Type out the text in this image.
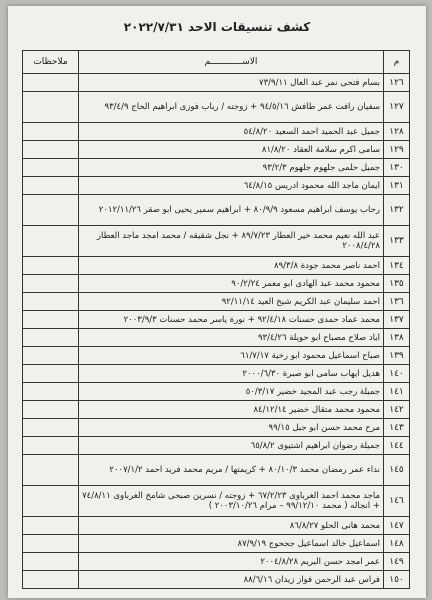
كشف تنسيقات الاحد ٢٠٢٢/٧/٣١
م	الاســــــــــــم	ملاحظات
١٢٦	بسام فتحى نمر عبد العال ٧٣/٩/١١	
١٢٧	سفيان رافت عمر طافش ٩٤/٥/١٦ + زوجته / رباب فوزى ابراهيم الحاج ٩٣/٤/٩	
١٢٨	جميل عبد الحميد احمد السعيد ٥٤/٨/٢٠	
١٢٩	سامى اكرم سلامة العقاد ٨١/٨/٢٠	
١٣٠	جميل حلمى جلهوم جلهوم ٩٣/٢/٣	
١٣١	ايمان ماجد الله محمود ادريس ٦٤/٨/١٥	
١٣٢	رحاب يوسف ابراهيم مسعود ٨٠/٩/٩ + ابراهيم سمير يحيى ابو صقر ٢٠١٢/١١/٢٦	
١٣٣	عبد الله نعيم محمد خير العطار ٨٩/٧/٢٣ + نجل شقيقه / محمد امجد ماجد العطار ٢٠٠٨/٤/٢٨	
١٣٤	احمد ناصر محمد جودة ٨٩/٣/٨	
١٣٥	محمود محمد عبد الهادى ابو معمر ٩٠/٢/٢٤	
١٣٦	احمد سليمان عبد الكريم شيخ العيد ٩٢/١١/١٤	
١٣٧	محمد عماد حمدى حسنات ٩٢/٤/١٨ + نورة ياسر محمد حسنات ٢٠٠٣/٩/٣	
١٣٨	اياد صلاح مصباح ابو حويلة ٩٣/٤/٢٦	
١٣٩	صباح اسماعيل محمود ابو رخية ٦١/٧/١٧	
١٤٠	هديل ايهاب سامى ابو صبرة ٢٠٠٠/٦/٣٠	
١٤١	جميلة رجب عبد المجيد خضير ٥٠/٣/١٧	
١٤٢	محمود محمد متقال خضير ٨٤/١٢/١٤	
١٤٣	مرح محمد حسن ابو جبل ٩٩/١٥	
١٤٤	جميلة رضوان ابراهيم اشتيوى ٦٥/٨/٢	
١٤٥	نداء عمر رمضان محمد ٨٠/١٠/٣ + كريمتها / مريم محمد فريد احمد ٢٠٠٧/١/٢	
١٤٦	ماجد محمد احمد الغرباوى ٦٧/٢/٢٣ + زوجته / نسرين صبحى شامخ الغرباوى ٧٤/٨/١١ + انجاله ( محمد ٩٩/١٢/١٠ – مرام ٢٠٠٣/١٠/٢٦ )	
١٤٧	محمد هانى الحلو ٨٦/٨/٢٧	
١٤٨	اسماعيل خالد اسماعيل ججحوج ٨٧/٩/١٩	
١٤٩	عمر امجد حسن البريم ٢٠٠٤/٨/٢٨	
١٥٠	فراس عبد الرحمن فواز زيدان ٨٨/٦/١٦	
